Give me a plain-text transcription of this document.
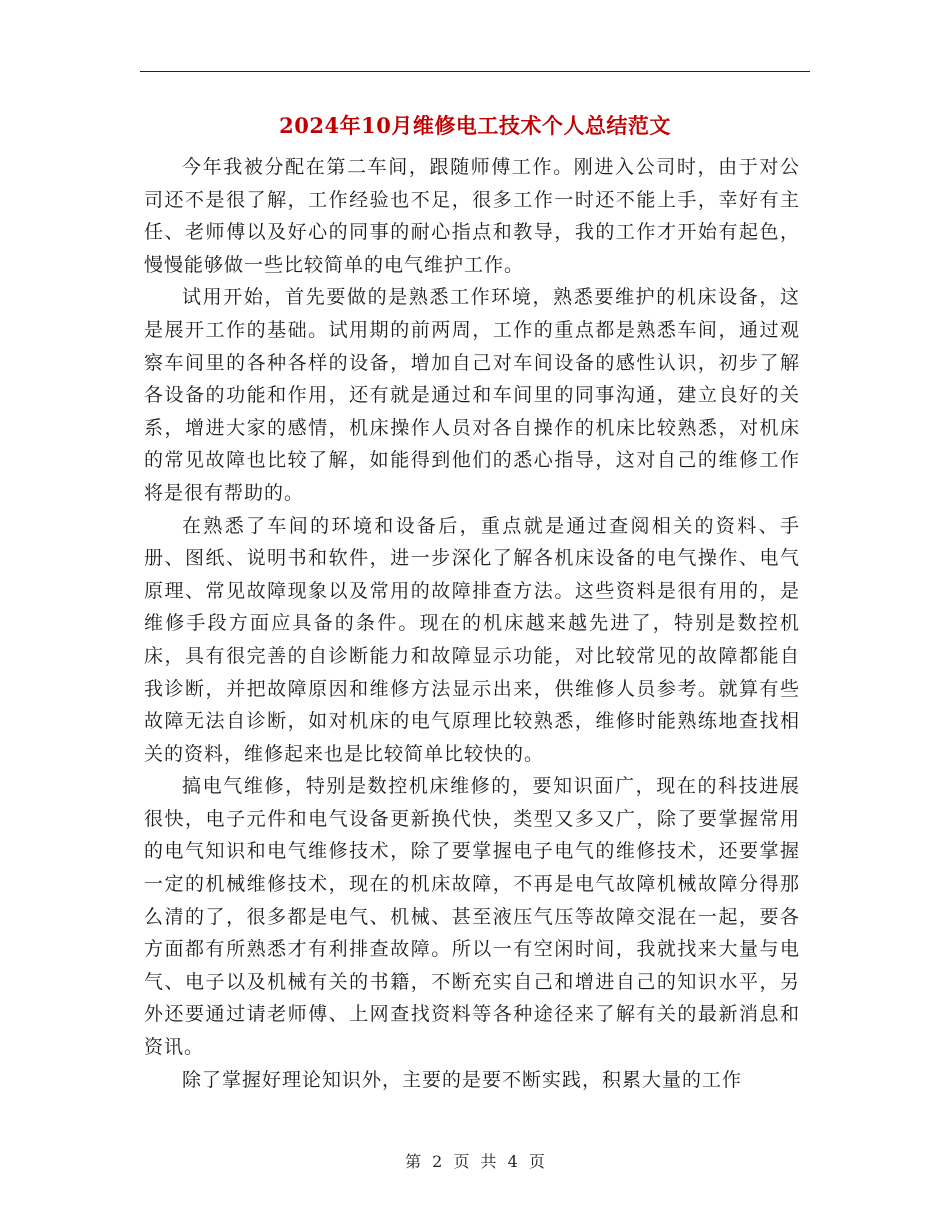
2024年10月维修电工技术个人总结范文

今年我被分配在第二车间，跟随师傅工作。刚进入公司时，由于对公司还不是很了解，工作经验也不足，很多工作一时还不能上手，幸好有主任、老师傅以及好心的同事的耐心指点和教导，我的工作才开始有起色，慢慢能够做一些比较简单的电气维护工作。

试用开始，首先要做的是熟悉工作环境，熟悉要维护的机床设备，这是展开工作的基础。试用期的前两周，工作的重点都是熟悉车间，通过观察车间里的各种各样的设备，增加自己对车间设备的感性认识，初步了解各设备的功能和作用，还有就是通过和车间里的同事沟通，建立良好的关系，增进大家的感情，机床操作人员对各自操作的机床比较熟悉，对机床的常见故障也比较了解，如能得到他们的悉心指导，这对自己的维修工作将是很有帮助的。

在熟悉了车间的环境和设备后，重点就是通过查阅相关的资料、手册、图纸、说明书和软件，进一步深化了解各机床设备的电气操作、电气原理、常见故障现象以及常用的故障排查方法。这些资料是很有用的，是维修手段方面应具备的条件。现在的机床越来越先进了，特别是数控机床，具有很完善的自诊断能力和故障显示功能，对比较常见的故障都能自我诊断，并把故障原因和维修方法显示出来，供维修人员参考。就算有些故障无法自诊断，如对机床的电气原理比较熟悉，维修时能熟练地查找相关的资料，维修起来也是比较简单比较快的。

搞电气维修，特别是数控机床维修的，要知识面广，现在的科技进展很快，电子元件和电气设备更新换代快，类型又多又广，除了要掌握常用的电气知识和电气维修技术，除了要掌握电子电气的维修技术，还要掌握一定的机械维修技术，现在的机床故障，不再是电气故障机械故障分得那么清的了，很多都是电气、机械、甚至液压气压等故障交混在一起，要各方面都有所熟悉才有利排查故障。所以一有空闲时间，我就找来大量与电气、电子以及机械有关的书籍，不断充实自己和增进自己的知识水平，另外还要通过请老师傅、上网查找资料等各种途径来了解有关的最新消息和资讯。

除了掌握好理论知识外，主要的是要不断实践，积累大量的工作

第 2 页 共 4 页
